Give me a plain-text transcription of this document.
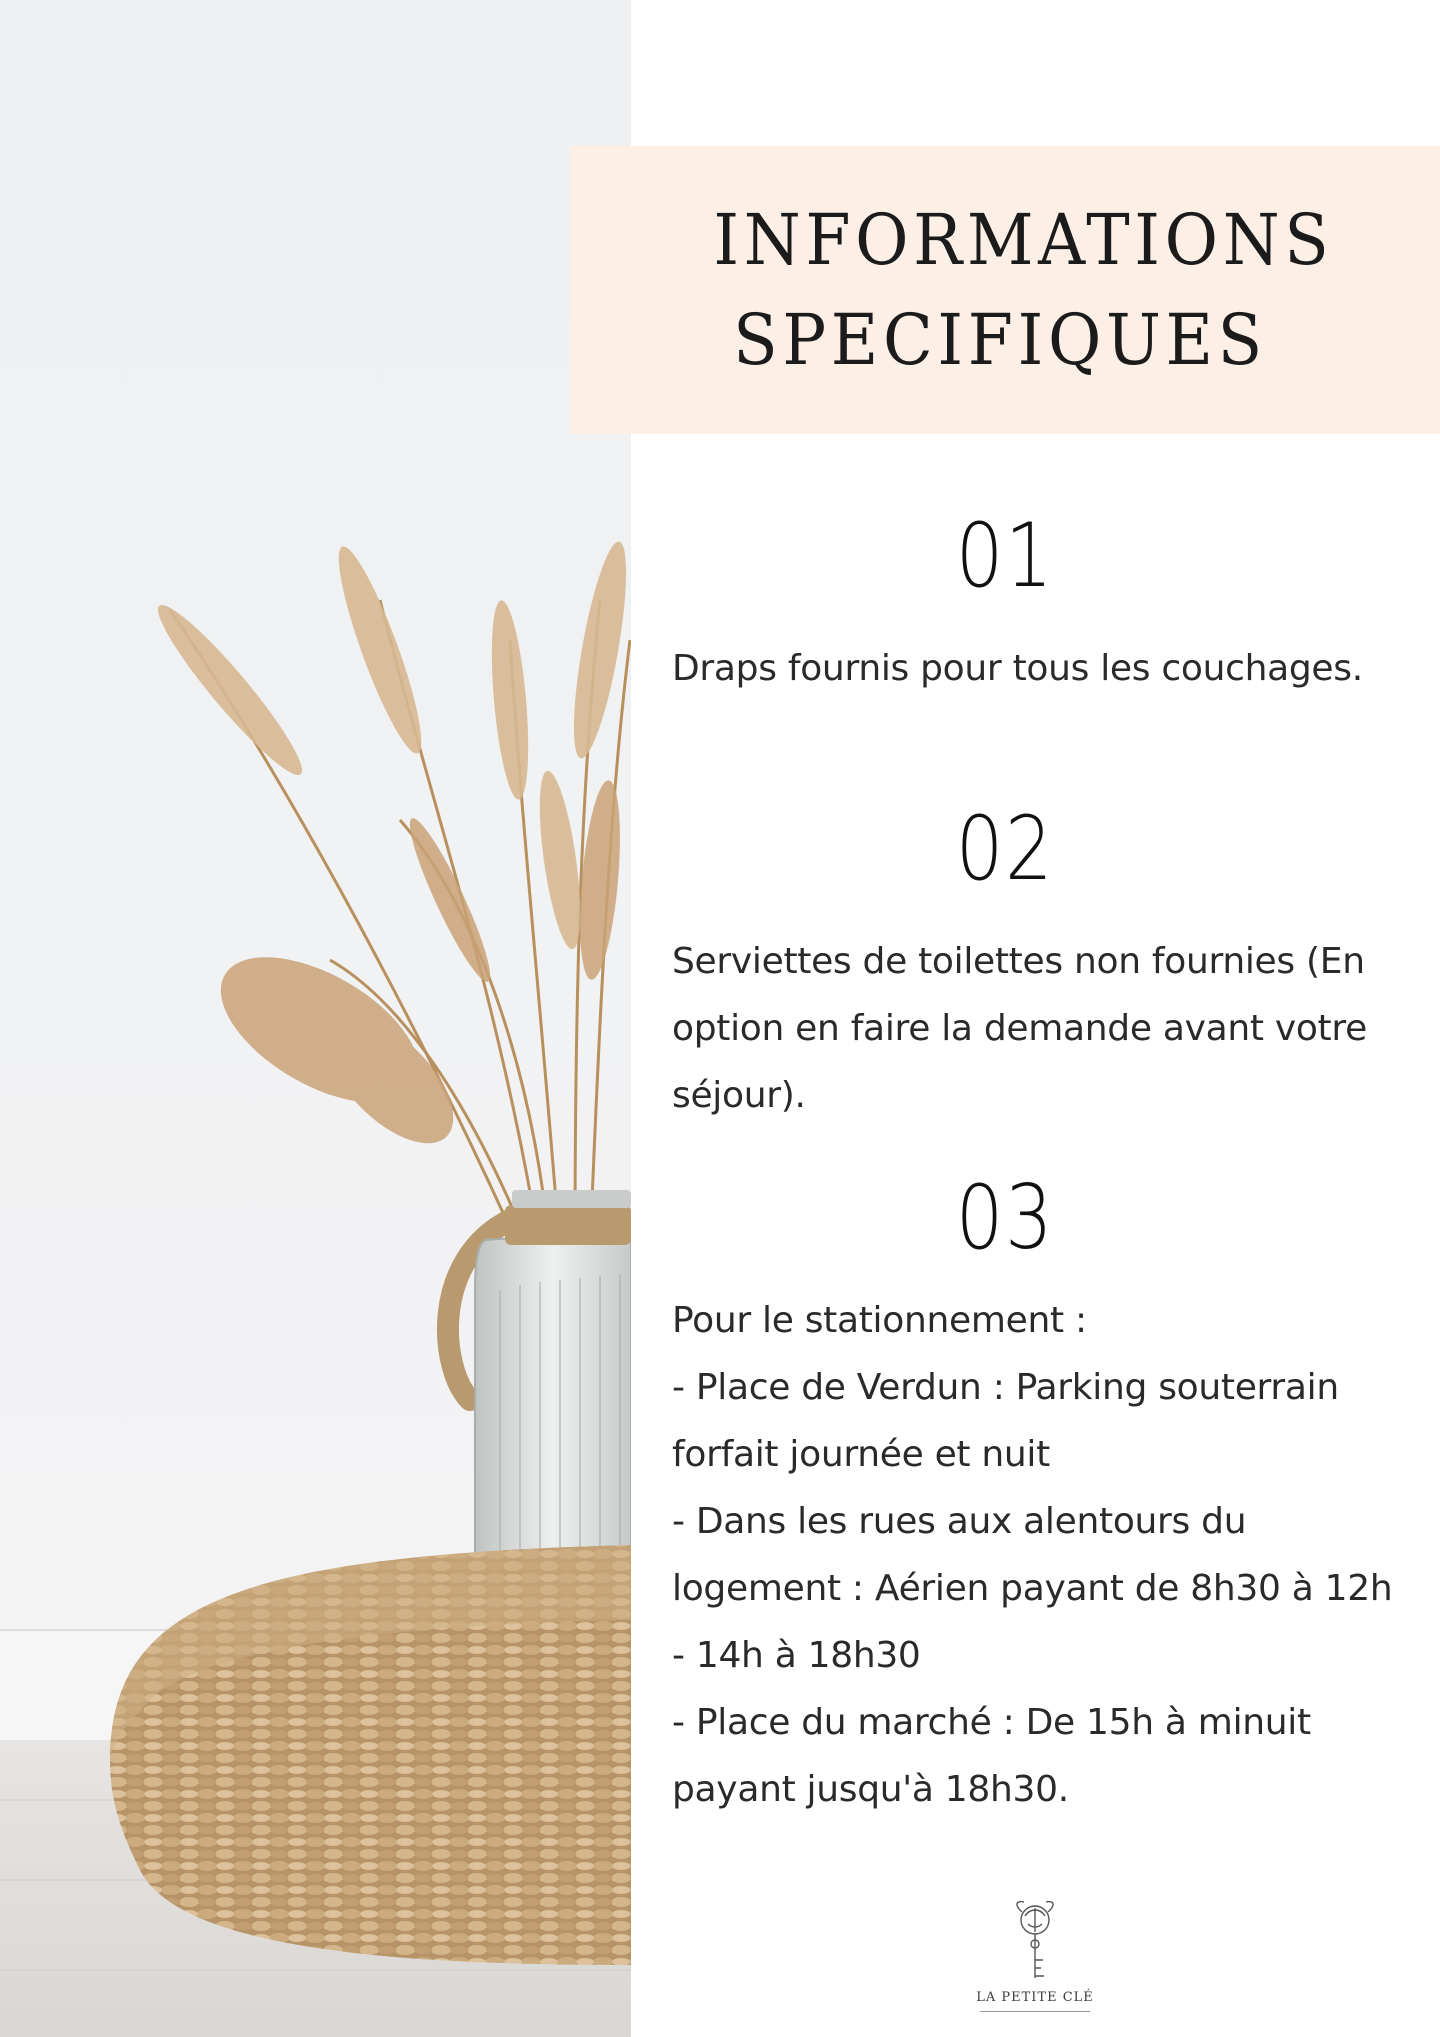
INFORMATIONS
SPECIFIQUES
01
Draps fournis pour tous les couchages.
02
Serviettes de toilettes non fournies (En
option en faire la demande avant votre
séjour).
03
Pour le stationnement :
- Place de Verdun : Parking souterrain
forfait journée et nuit
- Dans les rues aux alentours du
logement : Aérien payant de 8h30 à 12h
- 14h à 18h30
- Place du marché : De 15h à minuit
payant jusqu'à 18h30.
LA PETITE CLÉ
